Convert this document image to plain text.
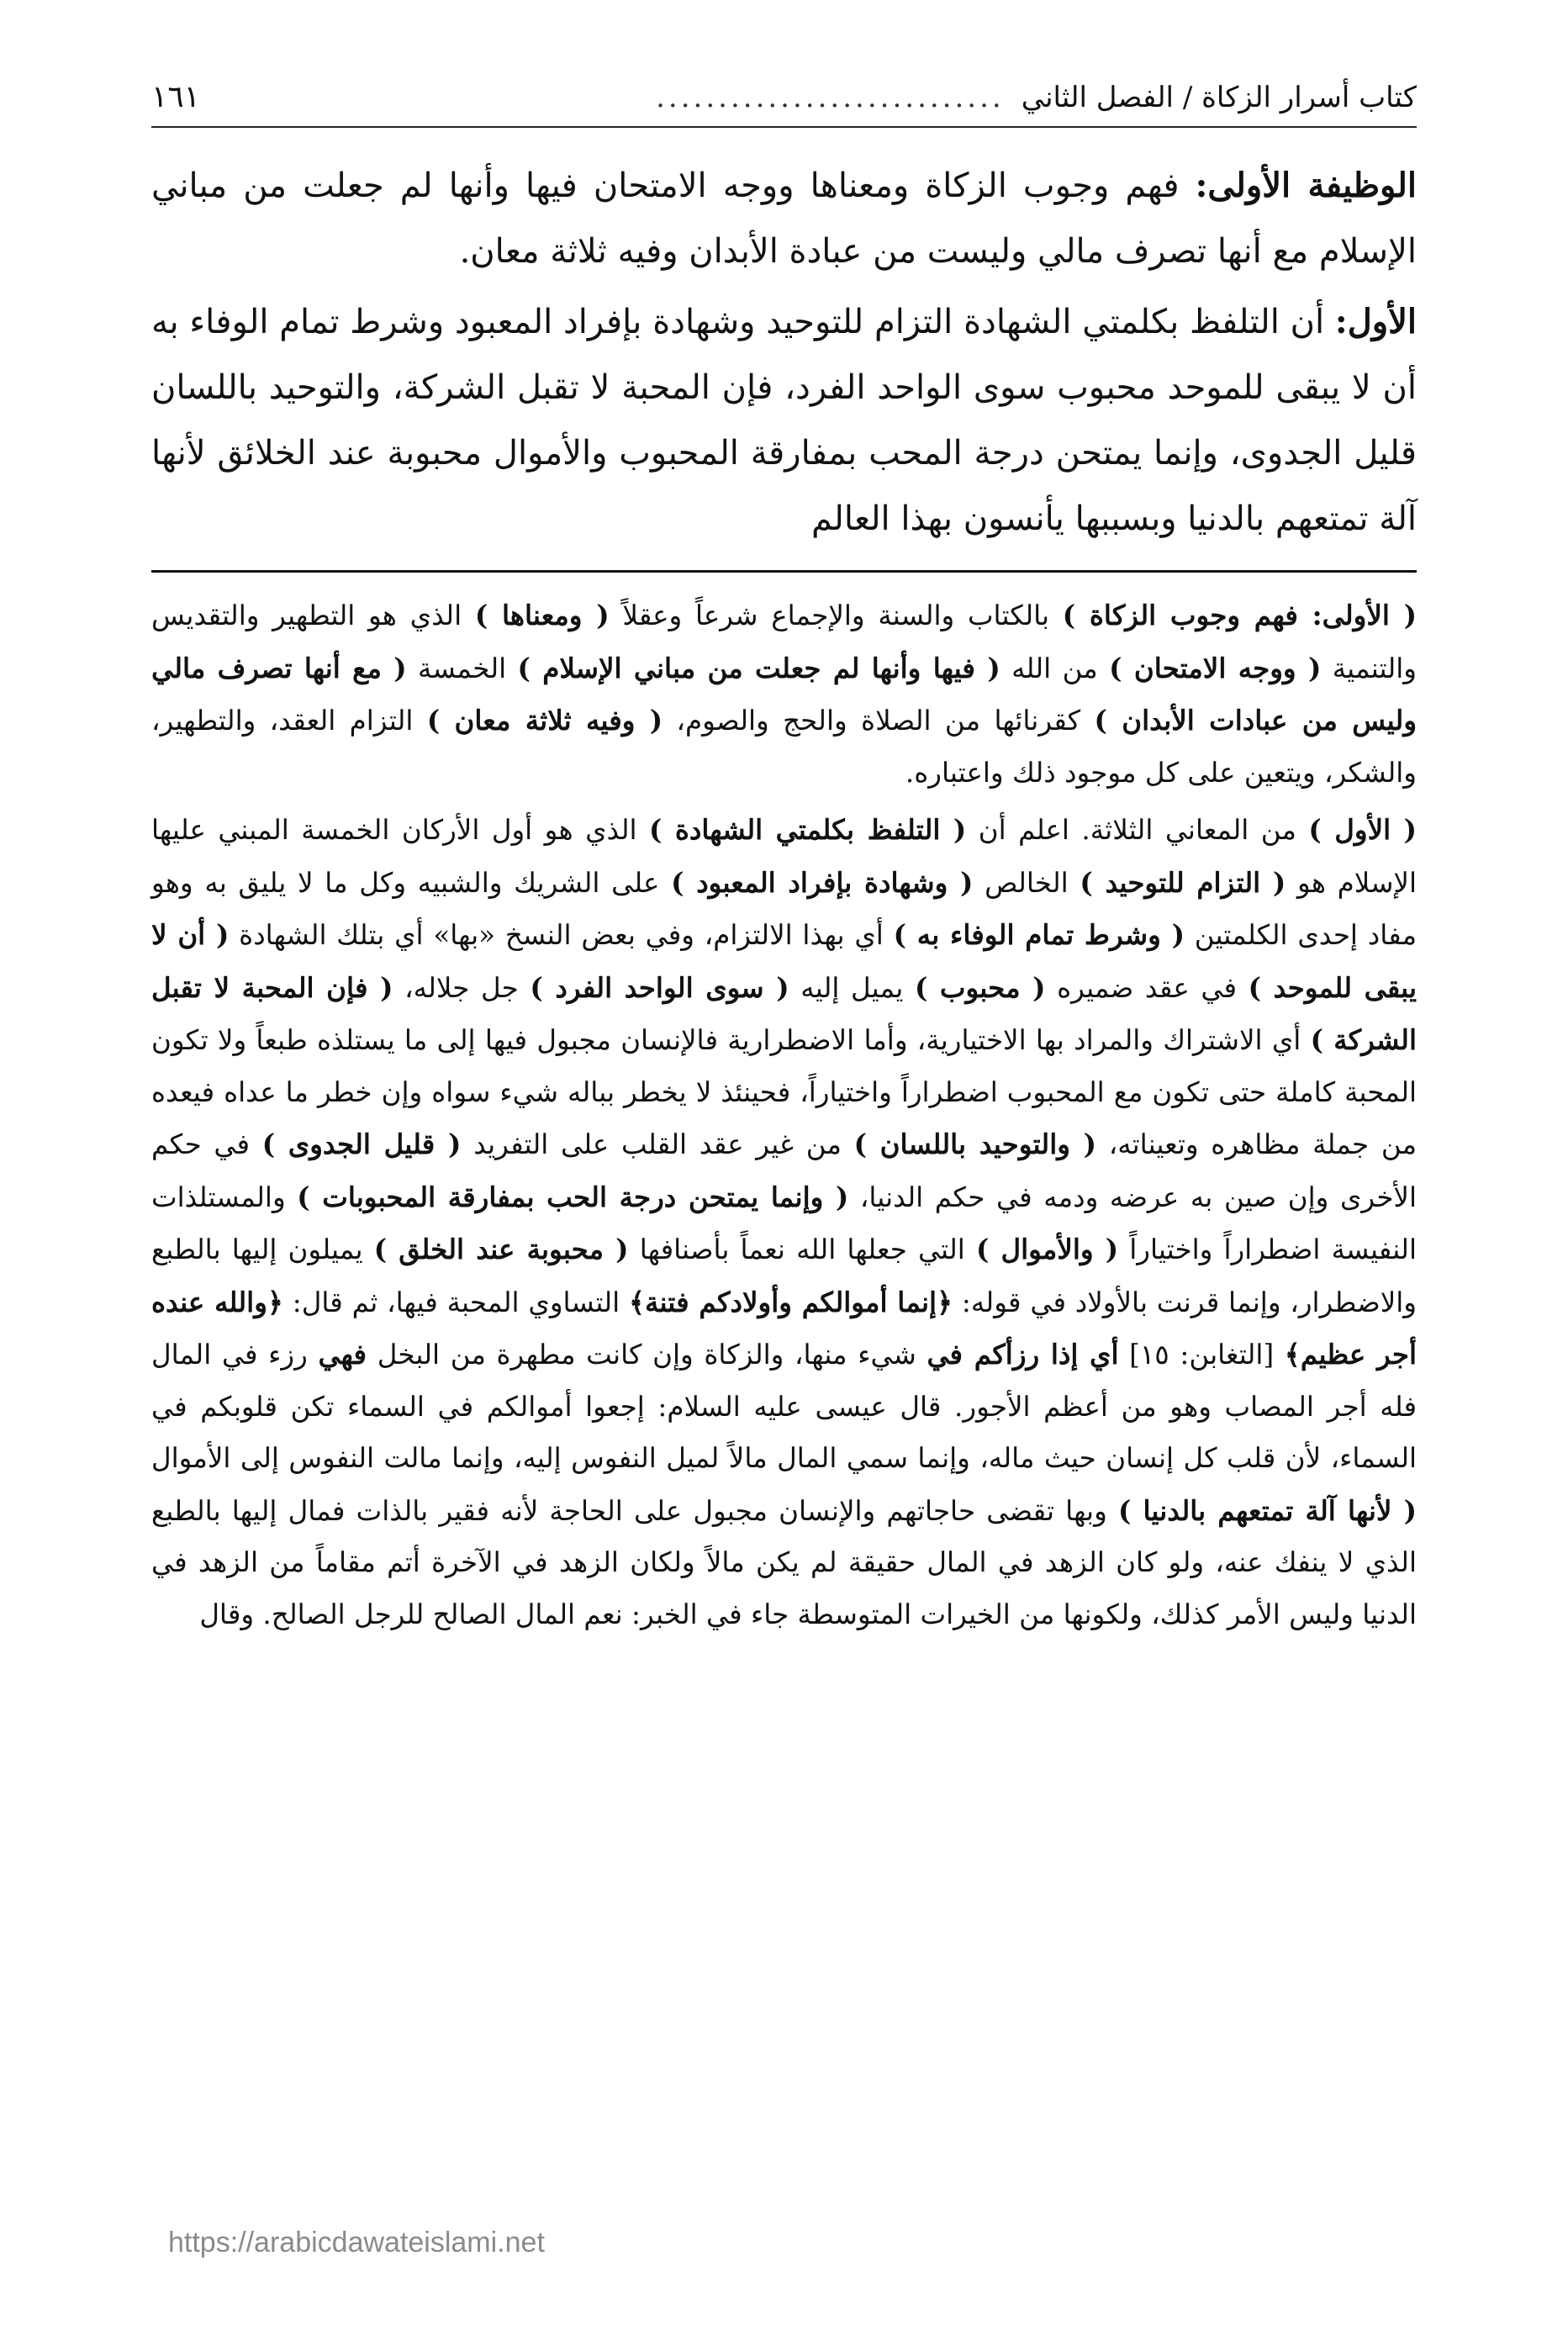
كتاب أسرار الزكاة / الفصل الثاني
............................
١٦١

الوظيفة الأولى: فهم وجوب الزكاة ومعناها ووجه الامتحان فيها وأنها لم جعلت من مباني الإسلام مع أنها تصرف مالي وليست من عبادة الأبدان وفيه ثلاثة معان.

الأول: أن التلفظ بكلمتي الشهادة التزام للتوحيد وشهادة بإفراد المعبود وشرط تمام الوفاء به أن لا يبقى للموحد محبوب سوى الواحد الفرد، فإن المحبة لا تقبل الشركة، والتوحيد باللسان قليل الجدوى، وإنما يمتحن درجة المحب بمفارقة المحبوب والأموال محبوبة عند الخلائق لأنها آلة تمتعهم بالدنيا وبسببها يأنسون بهذا العالم

( الأولى: فهم وجوب الزكاة ) بالكتاب والسنة والإجماع شرعاً وعقلاً ( ومعناها ) الذي هو التطهير والتقديس والتنمية ( ووجه الامتحان ) من الله ( فيها وأنها لم جعلت من مباني الإسلام ) الخمسة ( مع أنها تصرف مالي وليس من عبادات الأبدان ) كقرنائها من الصلاة والحج والصوم، ( وفيه ثلاثة معان ) التزام العقد، والتطهير، والشكر، ويتعين على كل موجود ذلك واعتباره.

( الأول ) من المعاني الثلاثة. اعلم أن ( التلفظ بكلمتي الشهادة ) الذي هو أول الأركان الخمسة المبني عليها الإسلام هو ( التزام للتوحيد ) الخالص ( وشهادة بإفراد المعبود ) على الشريك والشبيه وكل ما لا يليق به وهو مفاد إحدى الكلمتين ( وشرط تمام الوفاء به ) أي بهذا الالتزام، وفي بعض النسخ «بها» أي بتلك الشهادة ( أن لا يبقى للموحد ) في عقد ضميره ( محبوب ) يميل إليه ( سوى الواحد الفرد ) جل جلاله، ( فإن المحبة لا تقبل الشركة ) أي الاشتراك والمراد بها الاختيارية، وأما الاضطرارية فالإنسان مجبول فيها إلى ما يستلذه طبعاً ولا تكون المحبة كاملة حتى تكون مع المحبوب اضطراراً واختياراً، فحينئذ لا يخطر بباله شيء سواه وإن خطر ما عداه فيعده من جملة مظاهره وتعيناته، ( والتوحيد باللسان ) من غير عقد القلب على التفريد ( قليل الجدوى ) في حكم الأخرى وإن صين به عرضه ودمه في حكم الدنيا، ( وإنما يمتحن درجة الحب بمفارقة المحبوبات ) والمستلذات النفيسة اضطراراً واختياراً ( والأموال ) التي جعلها الله نعماً بأصنافها ( محبوبة عند الخلق ) يميلون إليها بالطبع والاضطرار، وإنما قرنت بالأولاد في قوله: ﴿إنما أموالكم وأولادكم فتنة﴾ التساوي المحبة فيها، ثم قال: ﴿والله عنده أجر عظيم﴾ [التغابن: ١٥] أي إذا رزأكم في شيء منها، والزكاة وإن كانت مطهرة من البخل فهي رزء في المال فله أجر المصاب وهو من أعظم الأجور. قال عيسى عليه السلام: إجعوا أموالكم في السماء تكن قلوبكم في السماء، لأن قلب كل إنسان حيث ماله، وإنما سمي المال مالاً لميل النفوس إليه، وإنما مالت النفوس إلى الأموال ( لأنها آلة تمتعهم بالدنيا ) وبها تقضى حاجاتهم والإنسان مجبول على الحاجة لأنه فقير بالذات فمال إليها بالطبع الذي لا ينفك عنه، ولو كان الزهد في المال حقيقة لم يكن مالاً ولكان الزهد في الآخرة أتم مقاماً من الزهد في الدنيا وليس الأمر كذلك، ولكونها من الخيرات المتوسطة جاء في الخبر: نعم المال الصالح للرجل الصالح. وقال

https://arabicdawateislami.net
